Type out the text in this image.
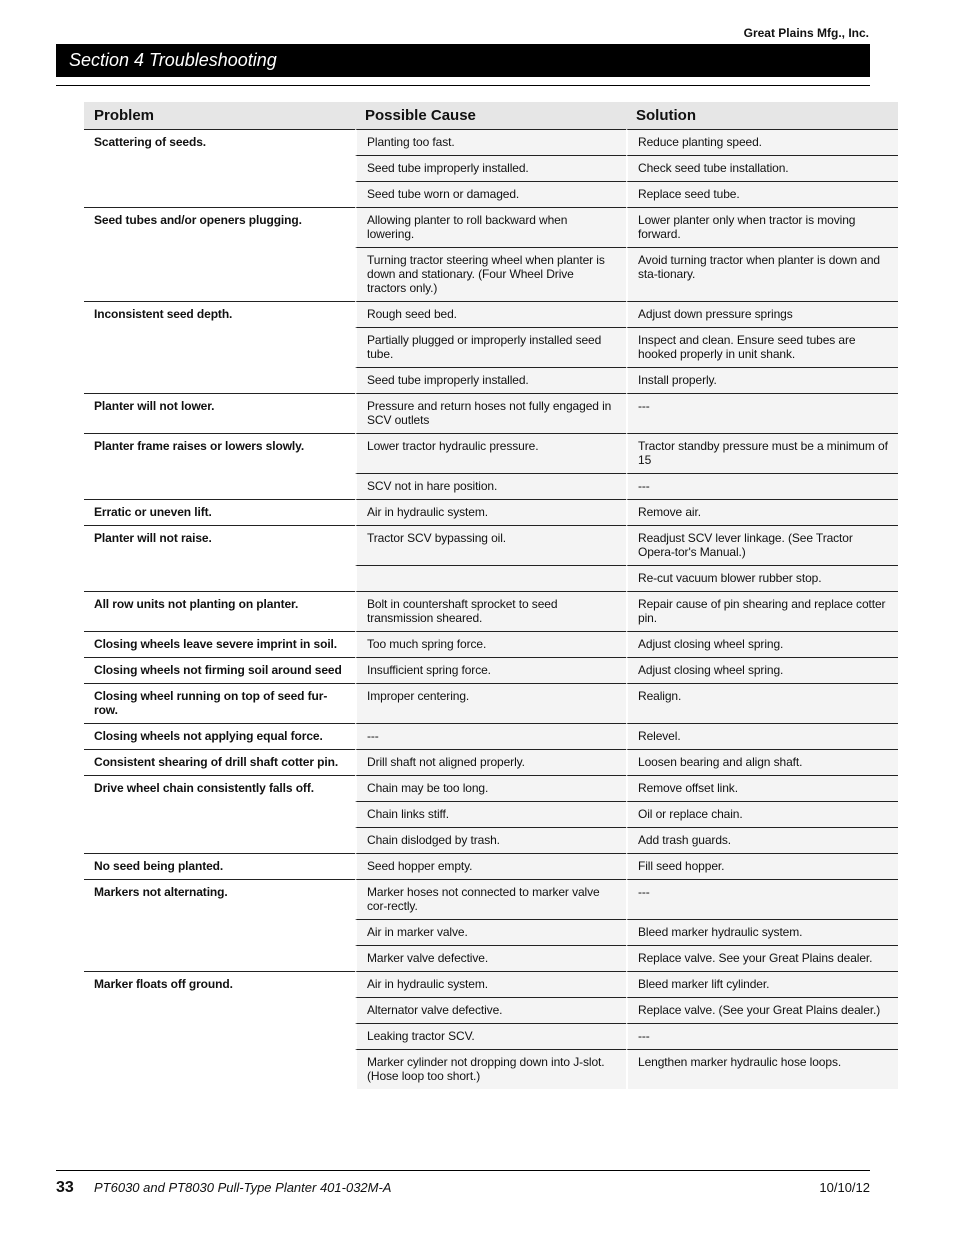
Great Plains Mfg., Inc.
Section 4 Troubleshooting
Problem	Possible Cause	Solution
Scattering of seeds.	Planting too fast.	Reduce planting speed.
	Seed tube improperly installed.	Check seed tube installation.
	Seed tube worn or damaged.	Replace seed tube.
Seed tubes and/or openers plugging.	Allowing planter to roll backward when lowering.	Lower planter only when tractor is moving forward.
	Turning tractor steering wheel when planter is down and stationary. (Four Wheel Drive tractors only.)	Avoid turning tractor when planter is down and sta-tionary.
Inconsistent seed depth.	Rough seed bed.	Adjust down pressure springs
	Partially plugged or improperly installed seed tube.	Inspect and clean. Ensure seed tubes are hooked properly in unit shank.
	Seed tube improperly installed.	Install properly.
Planter will not lower.	Pressure and return hoses not fully engaged in SCV outlets	---
Planter frame raises or lowers slowly.	Lower tractor hydraulic pressure.	Tractor standby pressure must be a minimum of 15
	SCV not in hare position.	---
Erratic or uneven lift.	Air in hydraulic system.	Remove air.
Planter will not raise.	Tractor SCV bypassing oil.	Readjust SCV lever linkage. (See Tractor Opera-tor's Manual.)
		Re-cut vacuum blower rubber stop.
All row units not planting on planter.	Bolt in countershaft sprocket to seed transmission sheared.	Repair cause of pin shearing and replace cotter pin.
Closing wheels leave severe imprint in soil.	Too much spring force.	Adjust closing wheel spring.
Closing wheels not firming soil around seed	Insufficient spring force.	Adjust closing wheel spring.
Closing wheel running on top of seed fur-row.	Improper centering.	Realign.
Closing wheels not applying equal force.	---	Relevel.
Consistent shearing of drill shaft cotter pin.	Drill shaft not aligned properly.	Loosen bearing and align shaft.
Drive wheel chain consistently falls off.	Chain may be too long.	Remove offset link.
	Chain links stiff.	Oil or replace chain.
	Chain dislodged by trash.	Add trash guards.
No seed being planted.	Seed hopper empty.	Fill seed hopper.
Markers not alternating.	Marker hoses not connected to marker valve cor-rectly.	---
	Air in marker valve.	Bleed marker hydraulic system.
	Marker valve defective.	Replace valve. See your Great Plains dealer.
Marker floats off ground.	Air in hydraulic system.	Bleed marker lift cylinder.
	Alternator valve defective.	Replace valve. (See your Great Plains dealer.)
	Leaking tractor SCV.	---
	Marker cylinder not dropping down into J-slot. (Hose loop too short.)	Lengthen marker hydraulic hose loops.
33 PT6030 and PT8030 Pull-Type Planter 401-032M-A	10/10/12
